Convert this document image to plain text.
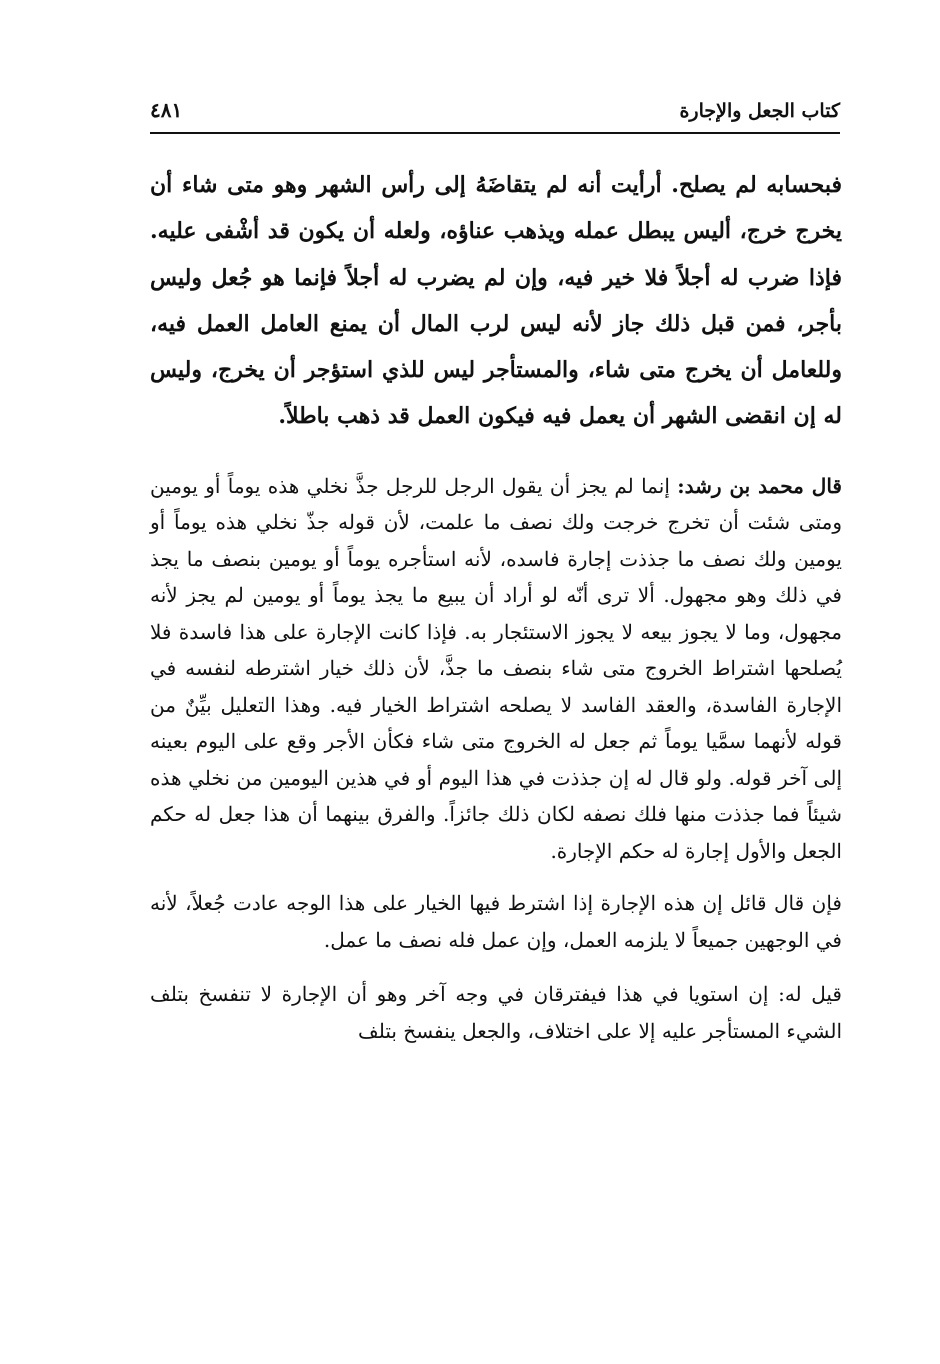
كتاب الجعل والإجارة
٤٨١

فبحسابه لم يصلح. أرأيت أنه لم يتقاضَهُ إلى رأس الشهر وهو متى شاء أن يخرج خرج، أليس يبطل عمله ويذهب عناؤه، ولعله أن يكون قد أشْفى عليه. فإذا ضرب له أجلاً فلا خير فيه، وإن لم يضرب له أجلاً فإنما هو جُعل وليس بأجر، فمن قبل ذلك جاز لأنه ليس لرب المال أن يمنع العامل العمل فيه، وللعامل أن يخرج متى شاء، والمستأجر ليس للذي استؤجر أن يخرج، وليس له إن انقضى الشهر أن يعمل فيه فيكون العمل قد ذهب باطلاً.

قال محمد بن رشد: إنما لم يجز أن يقول الرجل للرجل جذَّ نخلي هذه يوماً أو يومين ومتى شئت أن تخرج خرجت ولك نصف ما علمت، لأن قوله جذّ نخلي هذه يوماً أو يومين ولك نصف ما جذذت إجارة فاسده، لأنه استأجره يوماً أو يومين بنصف ما يجذ في ذلك وهو مجهول. ألا ترى أنّه لو أراد أن يبيع ما يجذ يوماً أو يومين لم يجز لأنه مجهول، وما لا يجوز بيعه لا يجوز الاستئجار به. فإذا كانت الإجارة على هذا فاسدة فلا يُصلحها اشتراط الخروج متى شاء بنصف ما جذَّ، لأن ذلك خيار اشترطه لنفسه في الإجارة الفاسدة، والعقد الفاسد لا يصلحه اشتراط الخيار فيه. وهذا التعليل بيِّنٌ من قوله لأنهما سمَّيا يوماً ثم جعل له الخروج متى شاء فكأن الأجر وقع على اليوم بعينه إلى آخر قوله. ولو قال له إن جذذت في هذا اليوم أو في هذين اليومين من نخلي هذه شيئاً فما جذذت منها فلك نصفه لكان ذلك جائزاً. والفرق بينهما أن هذا جعل له حكم الجعل والأول إجارة له حكم الإجارة.

فإن قال قائل إن هذه الإجارة إذا اشترط فيها الخيار على هذا الوجه عادت جُعلاً، لأنه في الوجهين جميعاً لا يلزمه العمل، وإن عمل فله نصف ما عمل.

قيل له: إن استويا في هذا فيفترقان في وجه آخر وهو أن الإجارة لا تنفسخ بتلف الشيء المستأجر عليه إلا على اختلاف، والجعل ينفسخ بتلف
